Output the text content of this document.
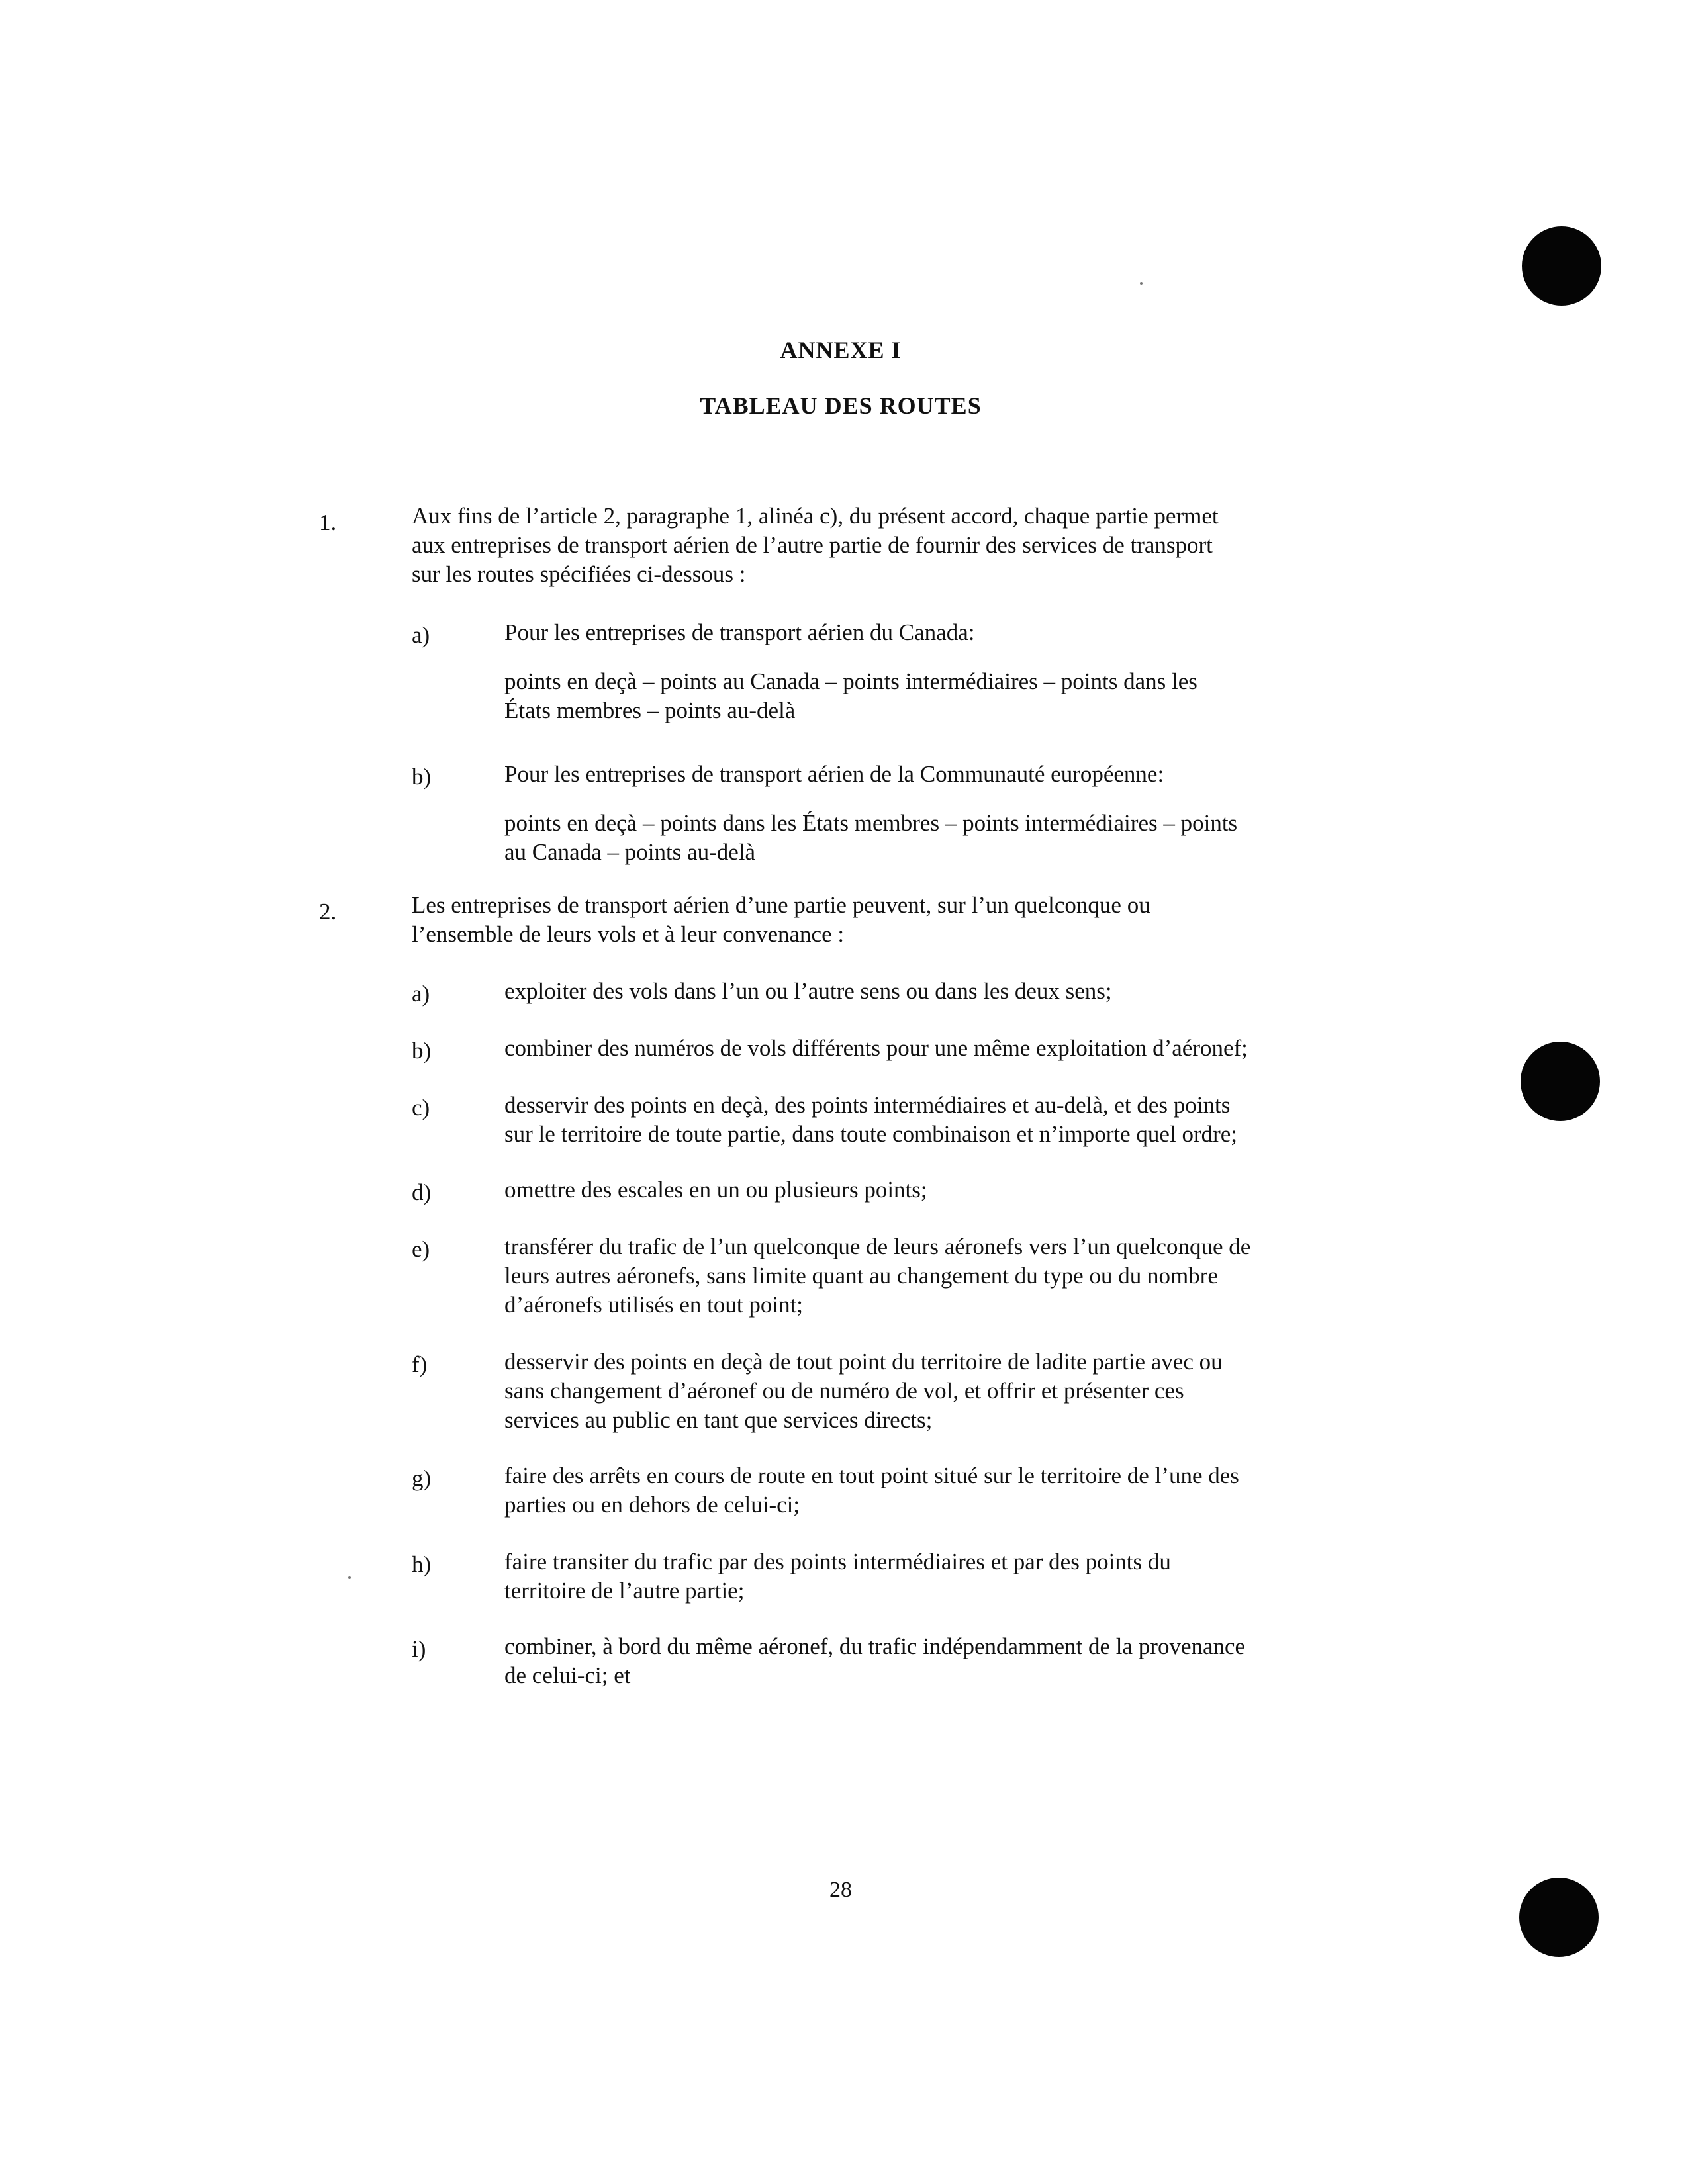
ANNEXE I
TABLEAU DES ROUTES
1.	Aux fins de l’article 2, paragraphe 1, alinéa c), du présent accord, chaque partie permet
aux entreprises de transport aérien de l’autre partie de fournir des services de transport
sur les routes spécifiées ci-dessous :
a)	Pour les entreprises de transport aérien du Canada:
points en deçà – points au Canada – points intermédiaires – points dans les
États membres – points au-delà
b)	Pour les entreprises de transport aérien de la Communauté européenne:
points en deçà – points dans les États membres – points intermédiaires – points
au Canada – points au-delà
2.	Les entreprises de transport aérien d’une partie peuvent, sur l’un quelconque ou
l’ensemble de leurs vols et à leur convenance :
a)	exploiter des vols dans l’un ou l’autre sens ou dans les deux sens;
b)	combiner des numéros de vols différents pour une même exploitation d’aéronef;
c)	desservir des points en deçà, des points intermédiaires et au-delà, et des points
sur le territoire de toute partie, dans toute combinaison et n’importe quel ordre;
d)	omettre des escales en un ou plusieurs points;
e)	transférer du trafic de l’un quelconque de leurs aéronefs vers l’un quelconque de
leurs autres aéronefs, sans limite quant au changement du type ou du nombre
d’aéronefs utilisés en tout point;
f)	desservir des points en deçà de tout point du territoire de ladite partie avec ou
sans changement d’aéronef ou de numéro de vol, et offrir et présenter ces
services au public en tant que services directs;
g)	faire des arrêts en cours de route en tout point situé sur le territoire de l’une des
parties ou en dehors de celui-ci;
h)	faire transiter du trafic par des points intermédiaires et par des points du
territoire de l’autre partie;
i)	combiner, à bord du même aéronef, du trafic indépendamment de la provenance
de celui-ci; et
28
